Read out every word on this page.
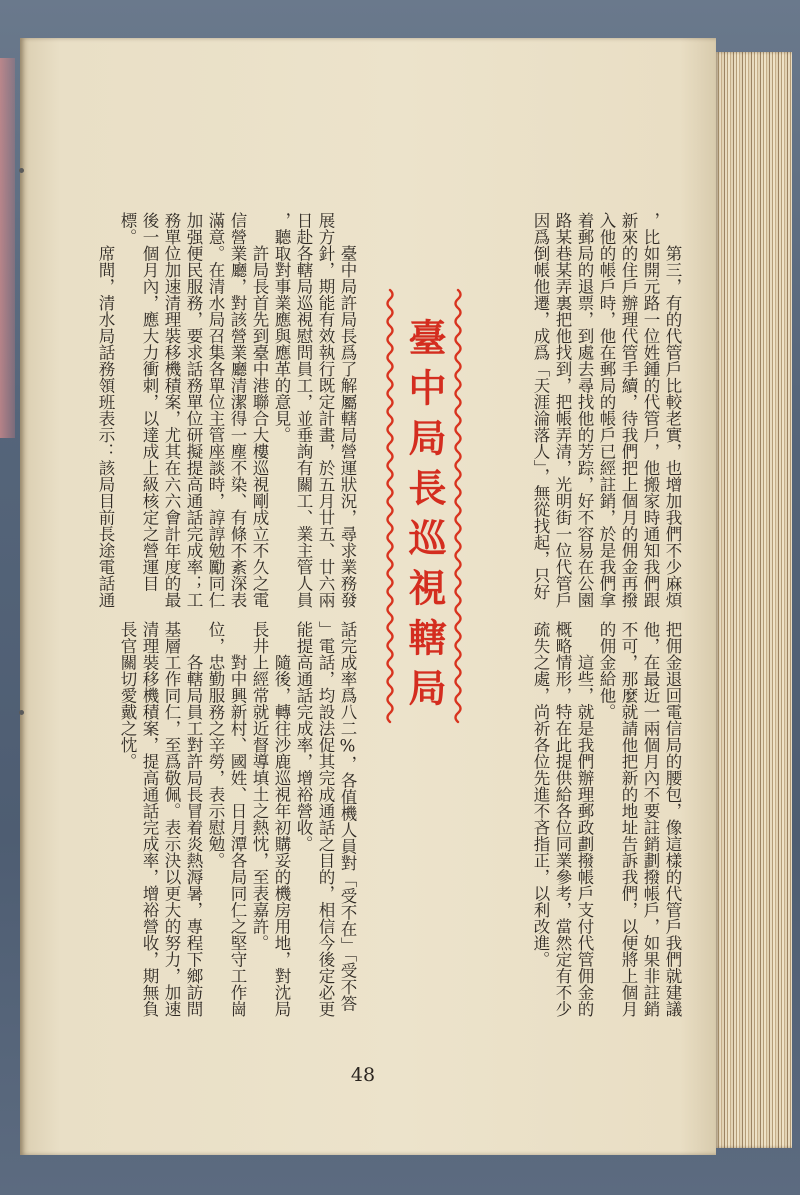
第三，有的代管戶比較老實，也增加我們不少麻煩
，比如開元路一位姓鍾的代管戶，他搬家時通知我們跟
新來的住戶辦理代管手續，待我們把上個月的佣金再撥
入他的帳戶時，他在郵局的帳戶已經註銷，於是我們拿
着郵局的退票，到處去尋找他的芳踪，好不容易在公園
路某巷某弄裏把他找到，把帳弄清，光明街一位代管戶
因爲倒帳他遷，成爲「天涯淪落人」，無從找起，只好
把佣金退回電信局的腰包，像這樣的代管戶我們就建議
他，在最近一兩個月內不要註銷劃撥帳戶，如果非註銷
不可，那麼就請他把新的地址告訴我們，以便將上個月
的佣金給他。
這些，就是我們辦理郵政劃撥帳戶支付代管佣金的
概略情形，特在此提供給各位同業參考，當然定有不少
疏失之處，尚祈各位先進不吝指正，以利改進。
臺中局長巡視轄局
臺中局許局長爲了解屬轄局營運狀況，尋求業務發
展方針，期能有效執行既定計畫，於五月廿五、廿六兩
日赴各轄局巡視慰問員工，並垂詢有關工、業主管人員
，聽取對事業應與應革的意見。
許局長首先到臺中港聯合大樓巡視剛成立不久之電
信營業廳，對該營業廳清潔得一塵不染、有條不紊深表
滿意。在清水局召集各單位主管座談時，諄諄勉勵同仁
加强便民服務，要求話務單位研擬提高通話完成率；工
務單位加速清理裝移機積案，尤其在六六會計年度的最
後一個月內，應大力衝刺，以達成上級核定之營運目
標。
席間，清水局話務領班表示：該局目前長途電話通
話完成率爲八二%，各值機人員對「受不在」「受不答
」電話，均設法促其完成通話之目的，相信今後定必更
能提高通話完成率，增裕營收。
隨後，轉往沙鹿巡視年初購妥的機房用地，對沈局
長井上經常就近督導填土之熱忱，至表嘉許。
對中興新村、國姓、日月潭各局同仁之堅守工作崗
位，忠勤服務之辛勞，表示慰勉。
各轄局員工對許局長冒着炎熱溽暑，專程下鄉訪問
基層工作同仁，至爲敬佩。表示決以更大的努力，加速
清理裝移機積案，提高通話完成率，增裕營收，期無負
長官關切愛戴之忱。
48
